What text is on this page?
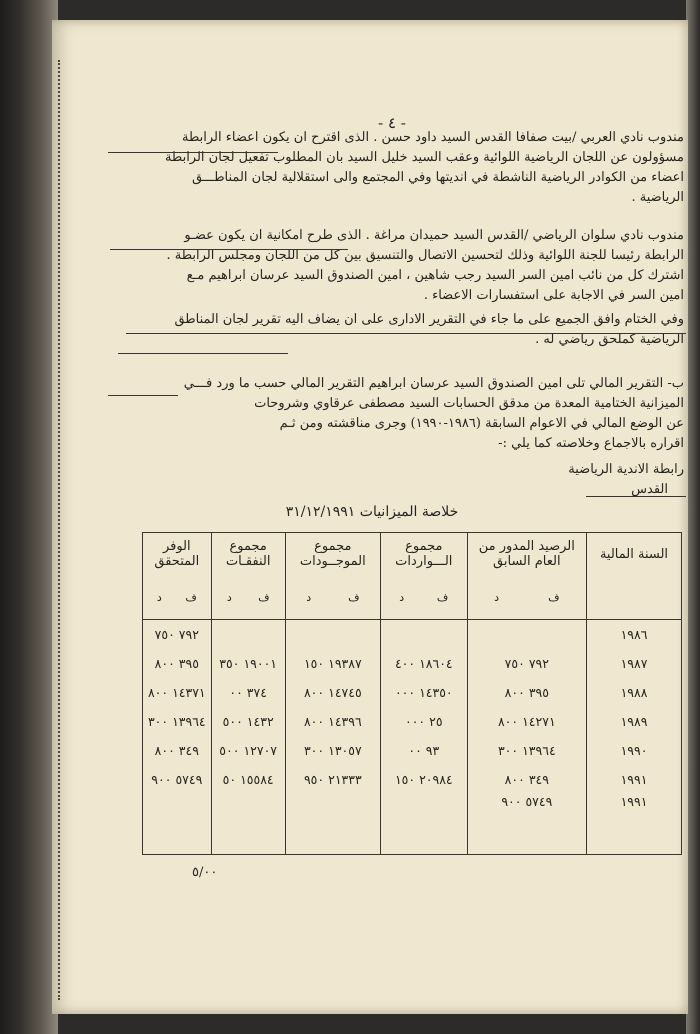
- ٤ -
مندوب نادي العربي /بيت صفافا القدس السيد داود حسن . الذى اقترح ان يكون اعضاء الرابطة
مسؤولون عن اللجان الرياضية اللوائية وعقب السيد خليل السيد بان المطلوب تفعيل لجان الرابطة
اعضاء من الكوادر الرياضية الناشطة في انديتها وفي المجتمع والى استقلالية لجان المناطـــق
الرياضية .
مندوب نادي سلوان الرياضي /القدس السيد حميدان مراغة . الذى طرح امكانية ان يكون عضـو
الرابطة رئيسا للجنة اللوائية وذلك لتحسين الاتصال والتنسيق بين كل من اللجان ومجلس الرابطة .
اشترك كل من نائب امين السر السيد رجب شاهين ، امين الصندوق السيد عرسان ابراهيم مـع
امين السر في الاجابة على استفسارات الاعضاء .
وفي الختام وافق الجميع على ما جاء في التقرير الادارى على ان يضاف اليه تقرير لجان المناطق
الرياضية كملحق رياضي له .
ب- التقرير المالي تلى امين الصندوق السيد عرسان ابراهيم التقرير المالي حسب ما ورد فـــي
الميزانية الختامية المعدة من مدقق الحسابات السيد مصطفى عرقاوي وشروحات
عن الوضع المالي في الاعوام السابقة (١٩٨٦-١٩٩٠) وجرى مناقشته ومن ثـم
اقراره بالاجماع وخلاصته كما يلي :-
رابطة الاندية الرياضية
القدس
خلاصة الميزانيات ٣١/١٢/١٩٩١
السنة المالية	الرصيد المدور من العام السابق	مجموع الـــواردات	مجموع الموجــودات	مجموع النفقـات	الوفر المتحقق

	ف
د	ف
د	ف
د	ف
د	ف
د

١٩٨٦					٧٩٢ ٧٥٠
١٩٨٧	٧٩٢ ٧٥٠	١٨٦٠٤ ٤٠٠	١٩٣٨٧ ١٥٠	١٩٠٠١ ٣٥٠	٣٩٥ ٨٠٠
١٩٨٨	٣٩٥ ٨٠٠	١٤٣٥٠ ٠٠٠	١٤٧٤٥ ٨٠٠	٣٧٤ ٠٠	١٤٣٧١ ٨٠٠
١٩٨٩	١٤٢٧١ ٨٠٠	٢٥ ٠٠٠	١٤٣٩٦ ٨٠٠	١٤٣٢ ٥٠٠	١٣٩٦٤ ٣٠٠
١٩٩٠	١٣٩٦٤ ٣٠٠	٩٣ ٠٠	١٣٠٥٧ ٣٠٠	١٢٧٠٧ ٥٠٠	٣٤٩ ٨٠٠
١٩٩١	٣٤٩ ٨٠٠	٢٠٩٨٤ ١٥٠	٢١٣٣٣ ٩٥٠	١٥٥٨٤ ٥٠	٥٧٤٩ ٩٠٠
١٩٩١	٥٧٤٩ ٩٠٠				
٥/٠٠
